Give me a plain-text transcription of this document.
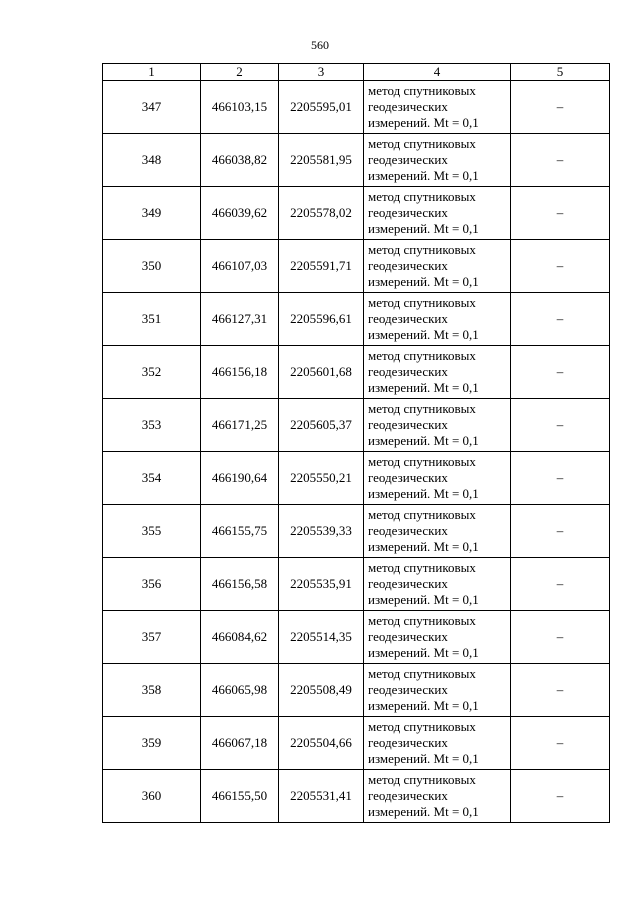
560
1	2	3	4	5
347	466103,15	2205595,01	метод спутниковых
геодезических
измерений. Mt = 0,1	–
348	466038,82	2205581,95	метод спутниковых
геодезических
измерений. Mt = 0,1	–
349	466039,62	2205578,02	метод спутниковых
геодезических
измерений. Mt = 0,1	–
350	466107,03	2205591,71	метод спутниковых
геодезических
измерений. Mt = 0,1	–
351	466127,31	2205596,61	метод спутниковых
геодезических
измерений. Mt = 0,1	–
352	466156,18	2205601,68	метод спутниковых
геодезических
измерений. Mt = 0,1	–
353	466171,25	2205605,37	метод спутниковых
геодезических
измерений. Mt = 0,1	–
354	466190,64	2205550,21	метод спутниковых
геодезических
измерений. Mt = 0,1	–
355	466155,75	2205539,33	метод спутниковых
геодезических
измерений. Mt = 0,1	–
356	466156,58	2205535,91	метод спутниковых
геодезических
измерений. Mt = 0,1	–
357	466084,62	2205514,35	метод спутниковых
геодезических
измерений. Mt = 0,1	–
358	466065,98	2205508,49	метод спутниковых
геодезических
измерений. Mt = 0,1	–
359	466067,18	2205504,66	метод спутниковых
геодезических
измерений. Mt = 0,1	–
360	466155,50	2205531,41	метод спутниковых
геодезических
измерений. Mt = 0,1	–
